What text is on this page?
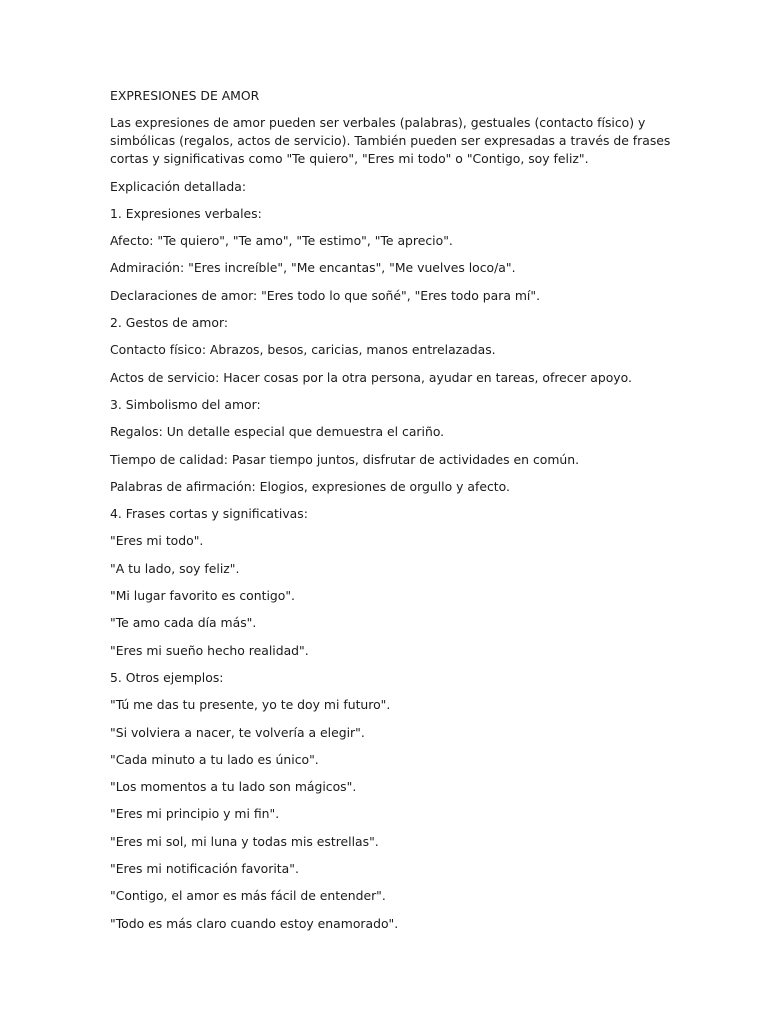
EXPRESIONES DE AMOR
Las expresiones de amor pueden ser verbales (palabras), gestuales (contacto físico) y
simbólicas (regalos, actos de servicio). También pueden ser expresadas a través de frases
cortas y significativas como "Te quiero", "Eres mi todo" o "Contigo, soy feliz".
Explicación detallada:
1. Expresiones verbales:
Afecto: "Te quiero", "Te amo", "Te estimo", "Te aprecio".
Admiración: "Eres increíble", "Me encantas", "Me vuelves loco/a".
Declaraciones de amor: "Eres todo lo que soñé", "Eres todo para mí".
2. Gestos de amor:
Contacto físico: Abrazos, besos, caricias, manos entrelazadas.
Actos de servicio: Hacer cosas por la otra persona, ayudar en tareas, ofrecer apoyo.
3. Simbolismo del amor:
Regalos: Un detalle especial que demuestra el cariño.
Tiempo de calidad: Pasar tiempo juntos, disfrutar de actividades en común.
Palabras de afirmación: Elogios, expresiones de orgullo y afecto.
4. Frases cortas y significativas:
"Eres mi todo".
"A tu lado, soy feliz".
"Mi lugar favorito es contigo".
"Te amo cada día más".
"Eres mi sueño hecho realidad".
5. Otros ejemplos:
"Tú me das tu presente, yo te doy mi futuro".
"Si volviera a nacer, te volvería a elegir".
"Cada minuto a tu lado es único".
"Los momentos a tu lado son mágicos".
"Eres mi principio y mi fin".
"Eres mi sol, mi luna y todas mis estrellas".
"Eres mi notificación favorita".
"Contigo, el amor es más fácil de entender".
"Todo es más claro cuando estoy enamorado".
